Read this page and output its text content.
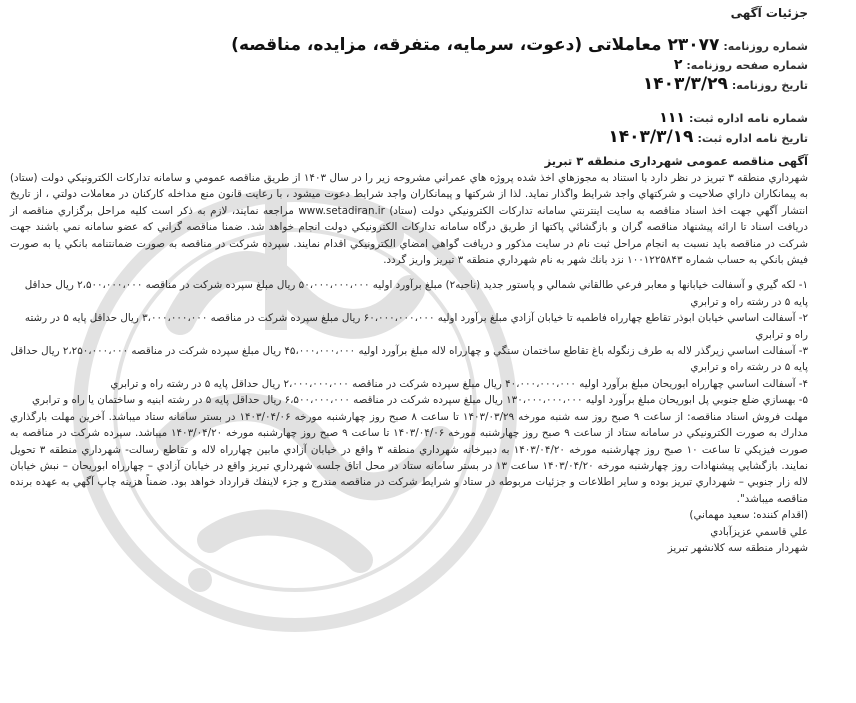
جزئيات آگهی
شماره روزنامه:
۲۳۰۷۷ معاملاتی (دعوت، سرمایه، متفرقه، مزایده، مناقصه)
شماره صفحه روزنامه:
۲
تاریخ روزنامه:
۱۴۰۳/۳/۲۹
شماره نامه اداره ثبت:
۱۱۱
تاریخ نامه اداره ثبت:
۱۴۰۳/۳/۱۹
آگهی مناقصه عمومی شهرداری منطقه ۳ تبریز

شهرداري منطقه ۳ تبريز در نظر دارد با استناد به مجوزهاي اخذ شده پروژه هاي عمراني مشروحه زير را در سال ۱۴۰۳ از طريق مناقصه عمومي و سامانه تداركات الكترونيكي دولت (ستاد) به پيمانكاران داراي صلاحيت و شركتهاي واجد شرايط واگذار نمايد. لذا از شركتها و پيمانكاران واجد شرايط دعوت ميشود ، با رعايت قانون منع مداخله كاركنان در معاملات دولتي ، از تاريخ انتشار آگهي جهت اخذ اسناد مناقصه به سايت اينترنتي سامانه تداركات الكترونيكي دولت (ستاد) www.setadiran.ir مراجعه نمايند، لازم به ذكر است كليه مراحل برگزاري مناقصه از دريافت اسناد تا ارائه پيشنهاد مناقصه گران و بازگشائي پاكتها از طريق درگاه سامانه تداركات الكترونيكي دولت انجام خواهد شد. ضمنا مناقصه گراني كه عضو سامانه نمي باشند جهت شركت در مناقصه بايد نسبت به انجام مراحل ثبت نام در سايت مذكور و دريافت گواهي امضاي الكترونيكي اقدام نمايند. سپرده شركت در مناقصه به صورت ضمانتنامه بانكي يا به صورت فيش بانكي به حساب شماره ۱۰۰۱۲۲۵۸۴۳ نزد بانك شهر به نام شهرداري منطقه ۳ تبريز واريز گردد.

۱- لكه گيري و آسفالت خيابانها و معابر فرعي طالقاني شمالي و پاستور جديد (ناحيه۲) مبلغ برآورد اوليه ۵۰،۰۰۰،۰۰۰،۰۰۰ ريال مبلغ سپرده شركت در مناقصه ۲،۵۰۰،۰۰۰،۰۰۰ ريال حداقل پايه ۵ در رشته راه و ترابري

۲- آسفالت اساسي خيابان ابوذر تقاطع چهارراه فاطميه تا خيابان آزادي مبلغ برآورد اوليه ۶۰،۰۰۰،۰۰۰،۰۰۰ ريال مبلغ سپرده شركت در مناقصه ۳،۰۰۰،۰۰۰،۰۰۰ ريال حداقل پايه ۵ در رشته راه و ترابري

۳- آسفالت اساسي زيرگذر لاله به طرف زنگوله باغ تقاطع ساختمان سنگي و چهارراه لاله مبلغ برآورد اوليه ۴۵،۰۰۰،۰۰۰،۰۰۰ ريال مبلغ سپرده شركت در مناقصه ۲،۲۵۰،۰۰۰،۰۰۰ ريال حداقل پايه ۵ در رشته راه و ترابري

۴- آسفالت اساسي چهارراه ابوريحان مبلغ برآورد اوليه ۴۰،۰۰۰،۰۰۰،۰۰۰ ريال مبلغ سپرده شركت در مناقصه ۲،۰۰۰،۰۰۰،۰۰۰ ريال حداقل پايه ۵ در رشته راه و ترابري

۵- بهسازي ضلع جنوبي پل ابوريحان مبلغ برآورد اوليه ۱۳۰،۰۰۰،۰۰۰،۰۰۰ ريال مبلغ سپرده شركت در مناقصه ۶،۵۰۰،۰۰۰،۰۰۰ ريال حداقل پايه ۵ در رشته ابنيه و ساختمان يا راه و ترابري

مهلت فروش اسناد مناقصه: از ساعت ۹ صبح روز سه شنبه مورخه ۱۴۰۳/۰۳/۲۹ تا ساعت ۸ صبح روز چهارشنبه مورخه ۱۴۰۳/۰۴/۰۶ در بستر سامانه ستاد ميباشد. آخرين مهلت بارگذاري مدارك به صورت الكترونيكي در سامانه ستاد از ساعت ۹ صبح روز چهارشنبه مورخه ۱۴۰۳/۰۴/۰۶ تا ساعت ۹ صبح روز چهارشنبه مورخه ۱۴۰۳/۰۴/۲۰ ميباشد. سپرده شركت در مناقصه به صورت فيزيكي تا ساعت ۱۰ صبح روز چهارشنبه مورخه ۱۴۰۳/۰۴/۲۰ به دبيرخانه شهرداري منطقه ۳ واقع در خيابان آزادي مابين چهارراه لاله و تقاطع رسالت- شهرداري منطقه ۳ تحويل نمايند. بازگشايي پيشنهادات روز چهارشنبه مورخه ۱۴۰۳/۰۴/۲۰ ساعت ۱۳ در بستر سامانه ستاد در محل اتاق جلسه شهرداري تبريز واقع در خيابان آزادي – چهارراه ابوريحان – نبش خيابان لاله زار جنوبي – شهرداري تبريز بوده و ساير اطلاعات و جزئيات مربوطه در ستاد و شرايط شركت در مناقصه مندرج و جزء لاينفك قرارداد خواهد بود. ضمناً هزينه چاپ آگهي به عهده برنده مناقصه ميباشد".

(اقدام كننده: سعيد مهماني)

علي قاسمي عزيزآبادي

شهردار منطقه سه كلانشهر تبريز
